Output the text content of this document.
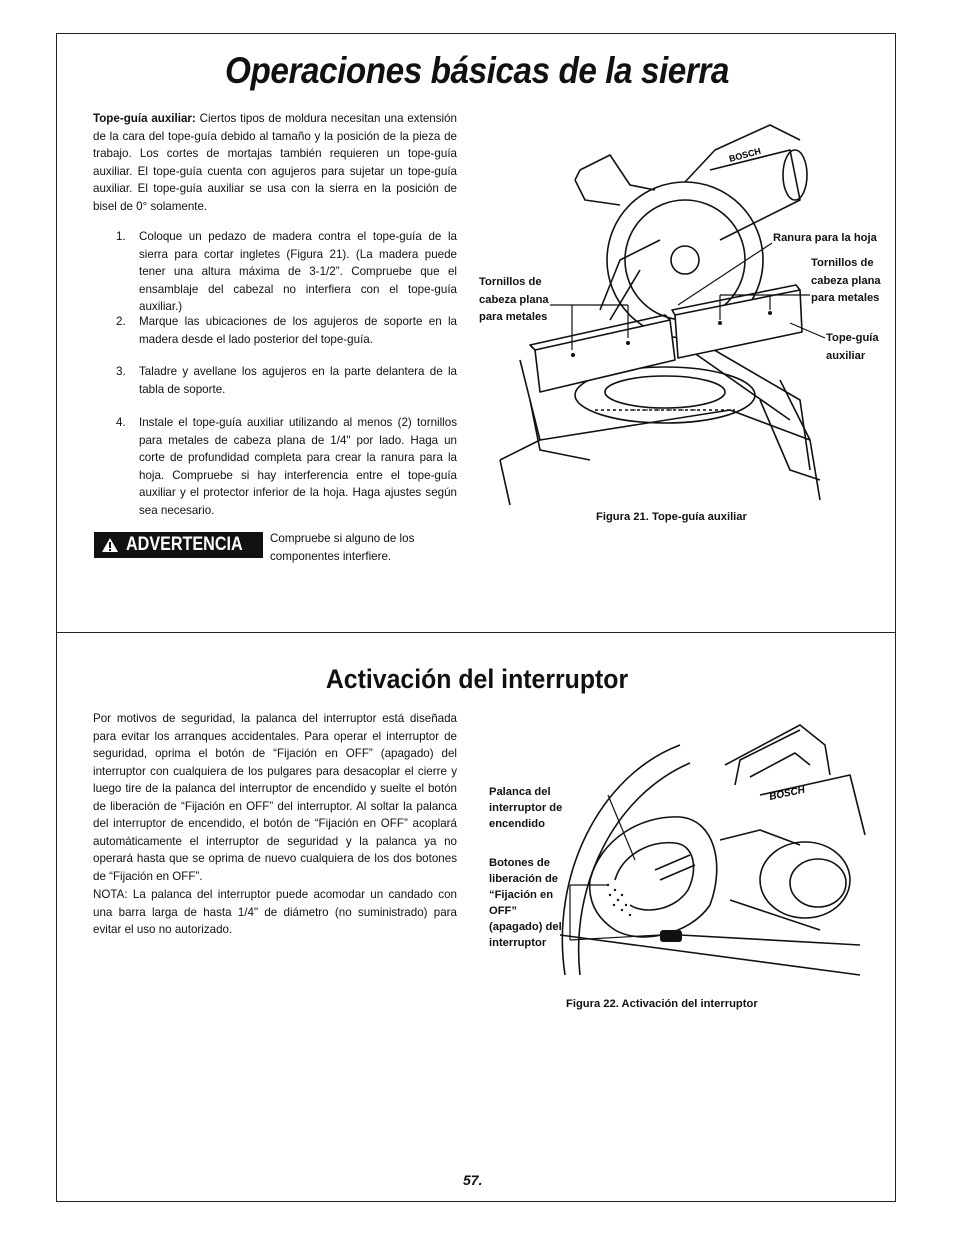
Operaciones básicas de la sierra
Tope-guía auxiliar: Ciertos tipos de moldura necesitan una extensión de la cara del tope-guía debido al tamaño y la posición de la pieza de trabajo. Los cortes de mortajas también requieren un tope-guía auxiliar. El tope-guía cuenta con agujeros para sujetar un tope-guía auxiliar. El tope-guía auxiliar se usa con la sierra en la posición de bisel de 0° solamente.
1. Coloque un pedazo de madera contra el tope-guía de la sierra para cortar ingletes (Figura 21). (La madera puede tener una altura máxima de 3-1/2”. Compruebe que el ensamblaje del cabezal no interfiera con el tope-guía auxiliar.)
2. Marque las ubicaciones de los agujeros de soporte en la madera desde el lado posterior del tope-guía.
3. Taladre y avellane los agujeros en la parte delantera de la tabla de soporte.
4. Instale el tope-guía auxiliar utilizando al menos (2) tornillos para metales de cabeza plana de 1/4" por lado. Haga un corte de profundidad completa para crear la ranura para la hoja. Compruebe si hay interferencia entre el tope-guía auxiliar y el protector inferior de la hoja. Haga ajustes según sea necesario.
ADVERTENCIA Compruebe si alguno de los componentes interfiere.
BOSCH
Tornillos de cabeza plana para metales
Ranura para la hoja
Tornillos de cabeza plana para metales
Tope-guía auxiliar
Figura 21. Tope-guía auxiliar
Activación del interruptor
Por motivos de seguridad, la palanca del interruptor está diseñada para evitar los arranques accidentales. Para operar el interruptor de seguridad, oprima el botón de “Fijación en OFF” (apagado) del interruptor con cualquiera de los pulgares para desacoplar el cierre y luego tire de la palanca del interruptor de encendido y suelte el botón de liberación de “Fijación en OFF” del interruptor. Al soltar la palanca del interruptor de encendido, el botón de “Fijación en OFF” acoplará automáticamente el interruptor de seguridad y la palanca ya no operará hasta que se oprima de nuevo cualquiera de los dos botones de “Fijación en OFF”.
NOTA: La palanca del interruptor puede acomodar un candado con una barra larga de hasta 1/4" de diámetro (no suministrado) para evitar el uso no autorizado.
BOSCH
Palanca del interruptor de encendido
Botones de liberación de “Fijación en OFF” (apagado) del interruptor
Figura 22. Activación del interruptor
57.
